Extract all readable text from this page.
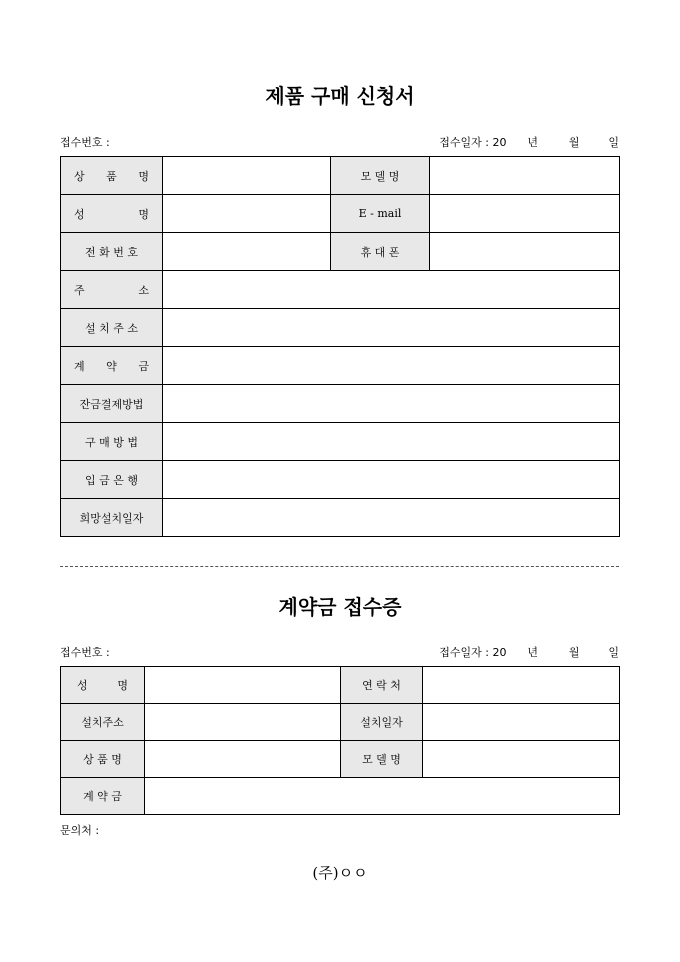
제품 구매 신청서
접수번호 :	접수일자 : 20 년	월	일
상 품 명		모 델 명	

성 명		E - mail	
전 화 번 호		휴 대 폰	

주 소			

설 치 주 소			

계 약 금			

잔금결제방법			
구 매 방 법			
입 금 은 행			
희망설치일자			
계약금 접수증
접수번호 :	접수일자 : 20 년	월	일
성 명		연 락 처	
설치주소		설치일자	
상 품 명		모 델 명	
계 약 금			
문의처 :
(주)ㅇㅇ
